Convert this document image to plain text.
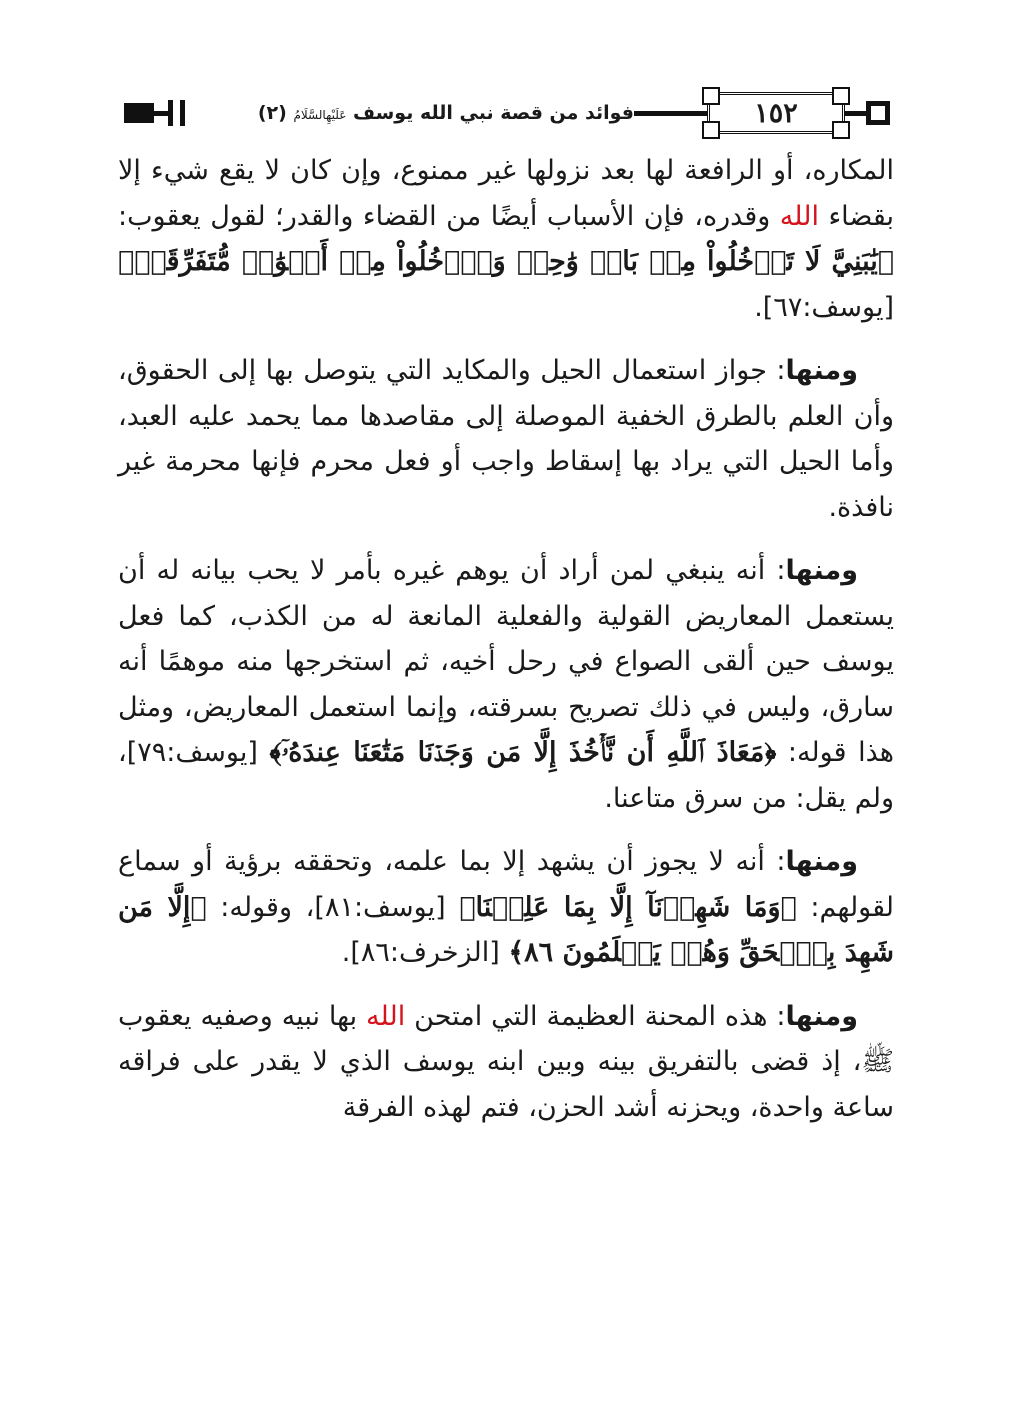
فوائد من قصة نبي الله يوسف عَلَيْهِالسَّلَامُ (٢)	١٥٢

المكاره، أو الرافعة لها بعد نزولها غير ممنوع، وإن كان لا يقع شيء إلا بقضاء الله وقدره، فإن الأسباب أيضًا من القضاء والقدر؛ لقول يعقوب: ﴿يَٰبَنِيَّ لَا تَدۡخُلُواْ مِنۢ بَابٖ وَٰحِدٖ وَٱدۡخُلُواْ مِنۡ أَبۡوَٰبٖ مُّتَفَرِّقَةٖ﴾ [يوسف:٦٧].

ومنها: جواز استعمال الحيل والمكايد التي يتوصل بها إلى الحقوق، وأن العلم بالطرق الخفية الموصلة إلى مقاصدها مما يحمد عليه العبد، وأما الحيل التي يراد بها إسقاط واجب أو فعل محرم فإنها محرمة غير نافذة.

ومنها: أنه ينبغي لمن أراد أن يوهم غيره بأمر لا يحب بيانه له أن يستعمل المعاريض القولية والفعلية المانعة له من الكذب، كما فعل يوسف حين ألقى الصواع في رحل أخيه، ثم استخرجها منه موهمًا أنه سارق، وليس في ذلك تصريح بسرقته، وإنما استعمل المعاريض، ومثل هذا قوله: ﴿مَعَاذَ ٱللَّهِ أَن نَّأۡخُذَ إِلَّا مَن وَجَدۡنَا مَتَٰعَنَا عِندَهُۥٓ﴾ [يوسف:٧٩]، ولم يقل: من سرق متاعنا.

ومنها: أنه لا يجوز أن يشهد إلا بما علمه، وتحققه برؤية أو سماع لقولهم: ﴿وَمَا شَهِدۡنَآ إِلَّا بِمَا عَلِمۡنَا﴾ [يوسف:٨١]، وقوله: ﴿إِلَّا مَن شَهِدَ بِٱلۡحَقِّ وَهُمۡ يَعۡلَمُونَ ٨٦﴾ [الزخرف:٨٦].

ومنها: هذه المحنة العظيمة التي امتحن الله بها نبيه وصفيه يعقوب ﷺ، إذ قضى بالتفريق بينه وبين ابنه يوسف الذي لا يقدر على فراقه ساعة واحدة، ويحزنه أشد الحزن، فتم لهذه الفرقة
